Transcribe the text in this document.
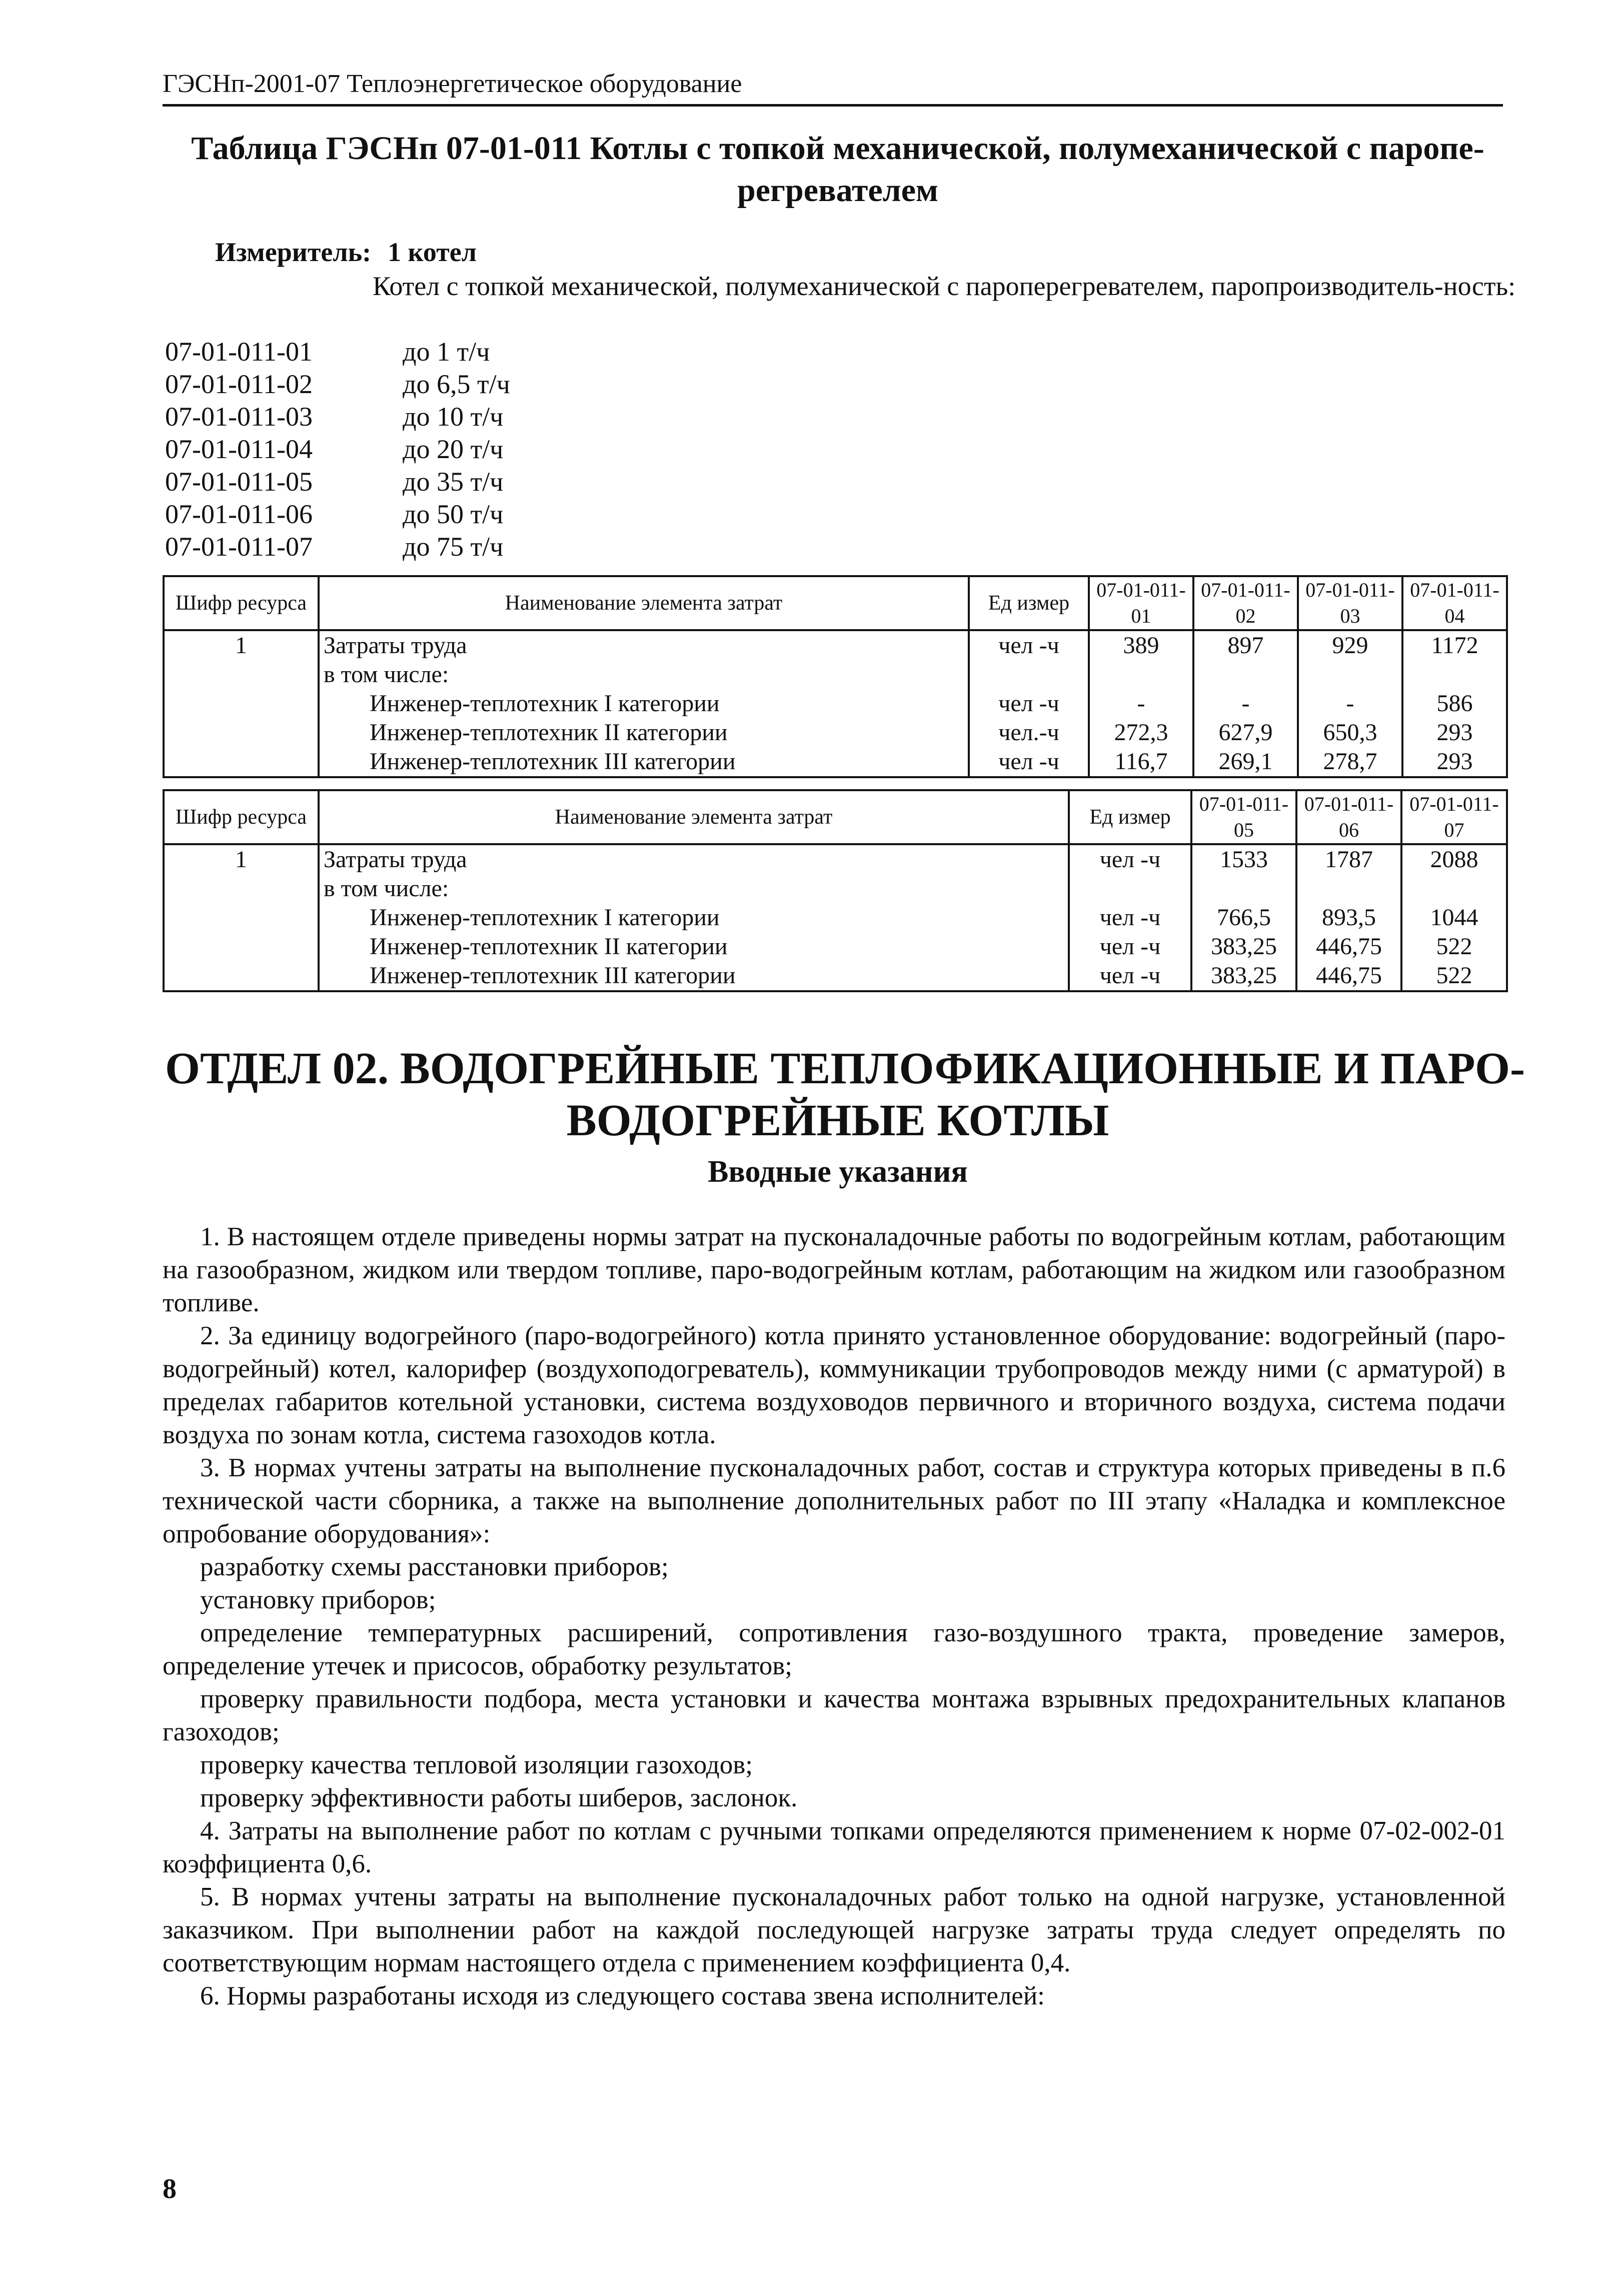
ГЭСНп-2001-07 Теплоэнергетическое оборудование
Таблица ГЭСНп 07-01-011 Котлы с топкой механической, полумеханической с паропе-
регревателем
Измеритель: 1 котел
Котел с топкой механической, полумеханической с пароперегревателем, паропроизводитель-ность:
07-01-011-01	до 1 т/ч
07-01-011-02	до 6,5 т/ч
07-01-011-03	до 10 т/ч
07-01-011-04	до 20 т/ч
07-01-011-05	до 35 т/ч
07-01-011-06	до 50 т/ч
07-01-011-07	до 75 т/ч
Шифр ресурса	Наименование элемента затрат	Ед измер	07-01-011-01	07-01-011-02	07-01-011-03	07-01-011-04
1	Затраты труда	чел -ч	389	897	929	1172
	в том числе:					
	Инженер-теплотехник I категории	чел -ч	-	-	-	586
	Инженер-теплотехник II категории	чел.-ч	272,3	627,9	650,3	293
	Инженер-теплотехник III категории	чел -ч	116,7	269,1	278,7	293
Шифр ресурса	Наименование элемента затрат	Ед измер	07-01-011-05	07-01-011-06	07-01-011-07
1	Затраты труда	чел -ч	1533	1787	2088
	в том числе:				
	Инженер-теплотехник I категории	чел -ч	766,5	893,5	1044
	Инженер-теплотехник II категории	чел -ч	383,25	446,75	522
	Инженер-теплотехник III категории	чел -ч	383,25	446,75	522
ОТДЕЛ 02. ВОДОГРЕЙНЫЕ ТЕПЛОФИКАЦИОННЫЕ И ПАРО-
ВОДОГРЕЙНЫЕ КОТЛЫ
Вводные указания

1. В настоящем отделе приведены нормы затрат на пусконаладочные работы по водогрейным котлам, работающим на газообразном, жидком или твердом топливе, паро-водогрейным котлам, работающим на жидком или газообразном топливе.

2. За единицу водогрейного (паро-водогрейного) котла принято установленное оборудование: водогрейный (паро-водогрейный) котел, калорифер (воздухоподогреватель), коммуникации трубопроводов между ними (с арматурой) в пределах габаритов котельной установки, система воздуховодов первичного и вторичного воздуха, система подачи воздуха по зонам котла, система газоходов котла.

3. В нормах учтены затраты на выполнение пусконаладочных работ, состав и структура которых приведены в п.6 технической части сборника, а также на выполнение дополнительных работ по III этапу «Наладка и комплексное опробование оборудования»:

разработку схемы расстановки приборов;

установку приборов;

определение температурных расширений, сопротивления газо-воздушного тракта, проведение замеров, определение утечек и присосов, обработку результатов;

проверку правильности подбора, места установки и качества монтажа взрывных предохранительных клапанов газоходов;

проверку качества тепловой изоляции газоходов;

проверку эффективности работы шиберов, заслонок.

4. Затраты на выполнение работ по котлам с ручными топками определяются применением к норме 07-02-002-01 коэффициента 0,6.

5. В нормах учтены затраты на выполнение пусконаладочных работ только на одной нагрузке, установленной заказчиком. При выполнении работ на каждой последующей нагрузке затраты труда следует определять по соответствующим нормам настоящего отдела с применением коэффициента 0,4.

6. Нормы разработаны исходя из следующего состава звена исполнителей:

8
